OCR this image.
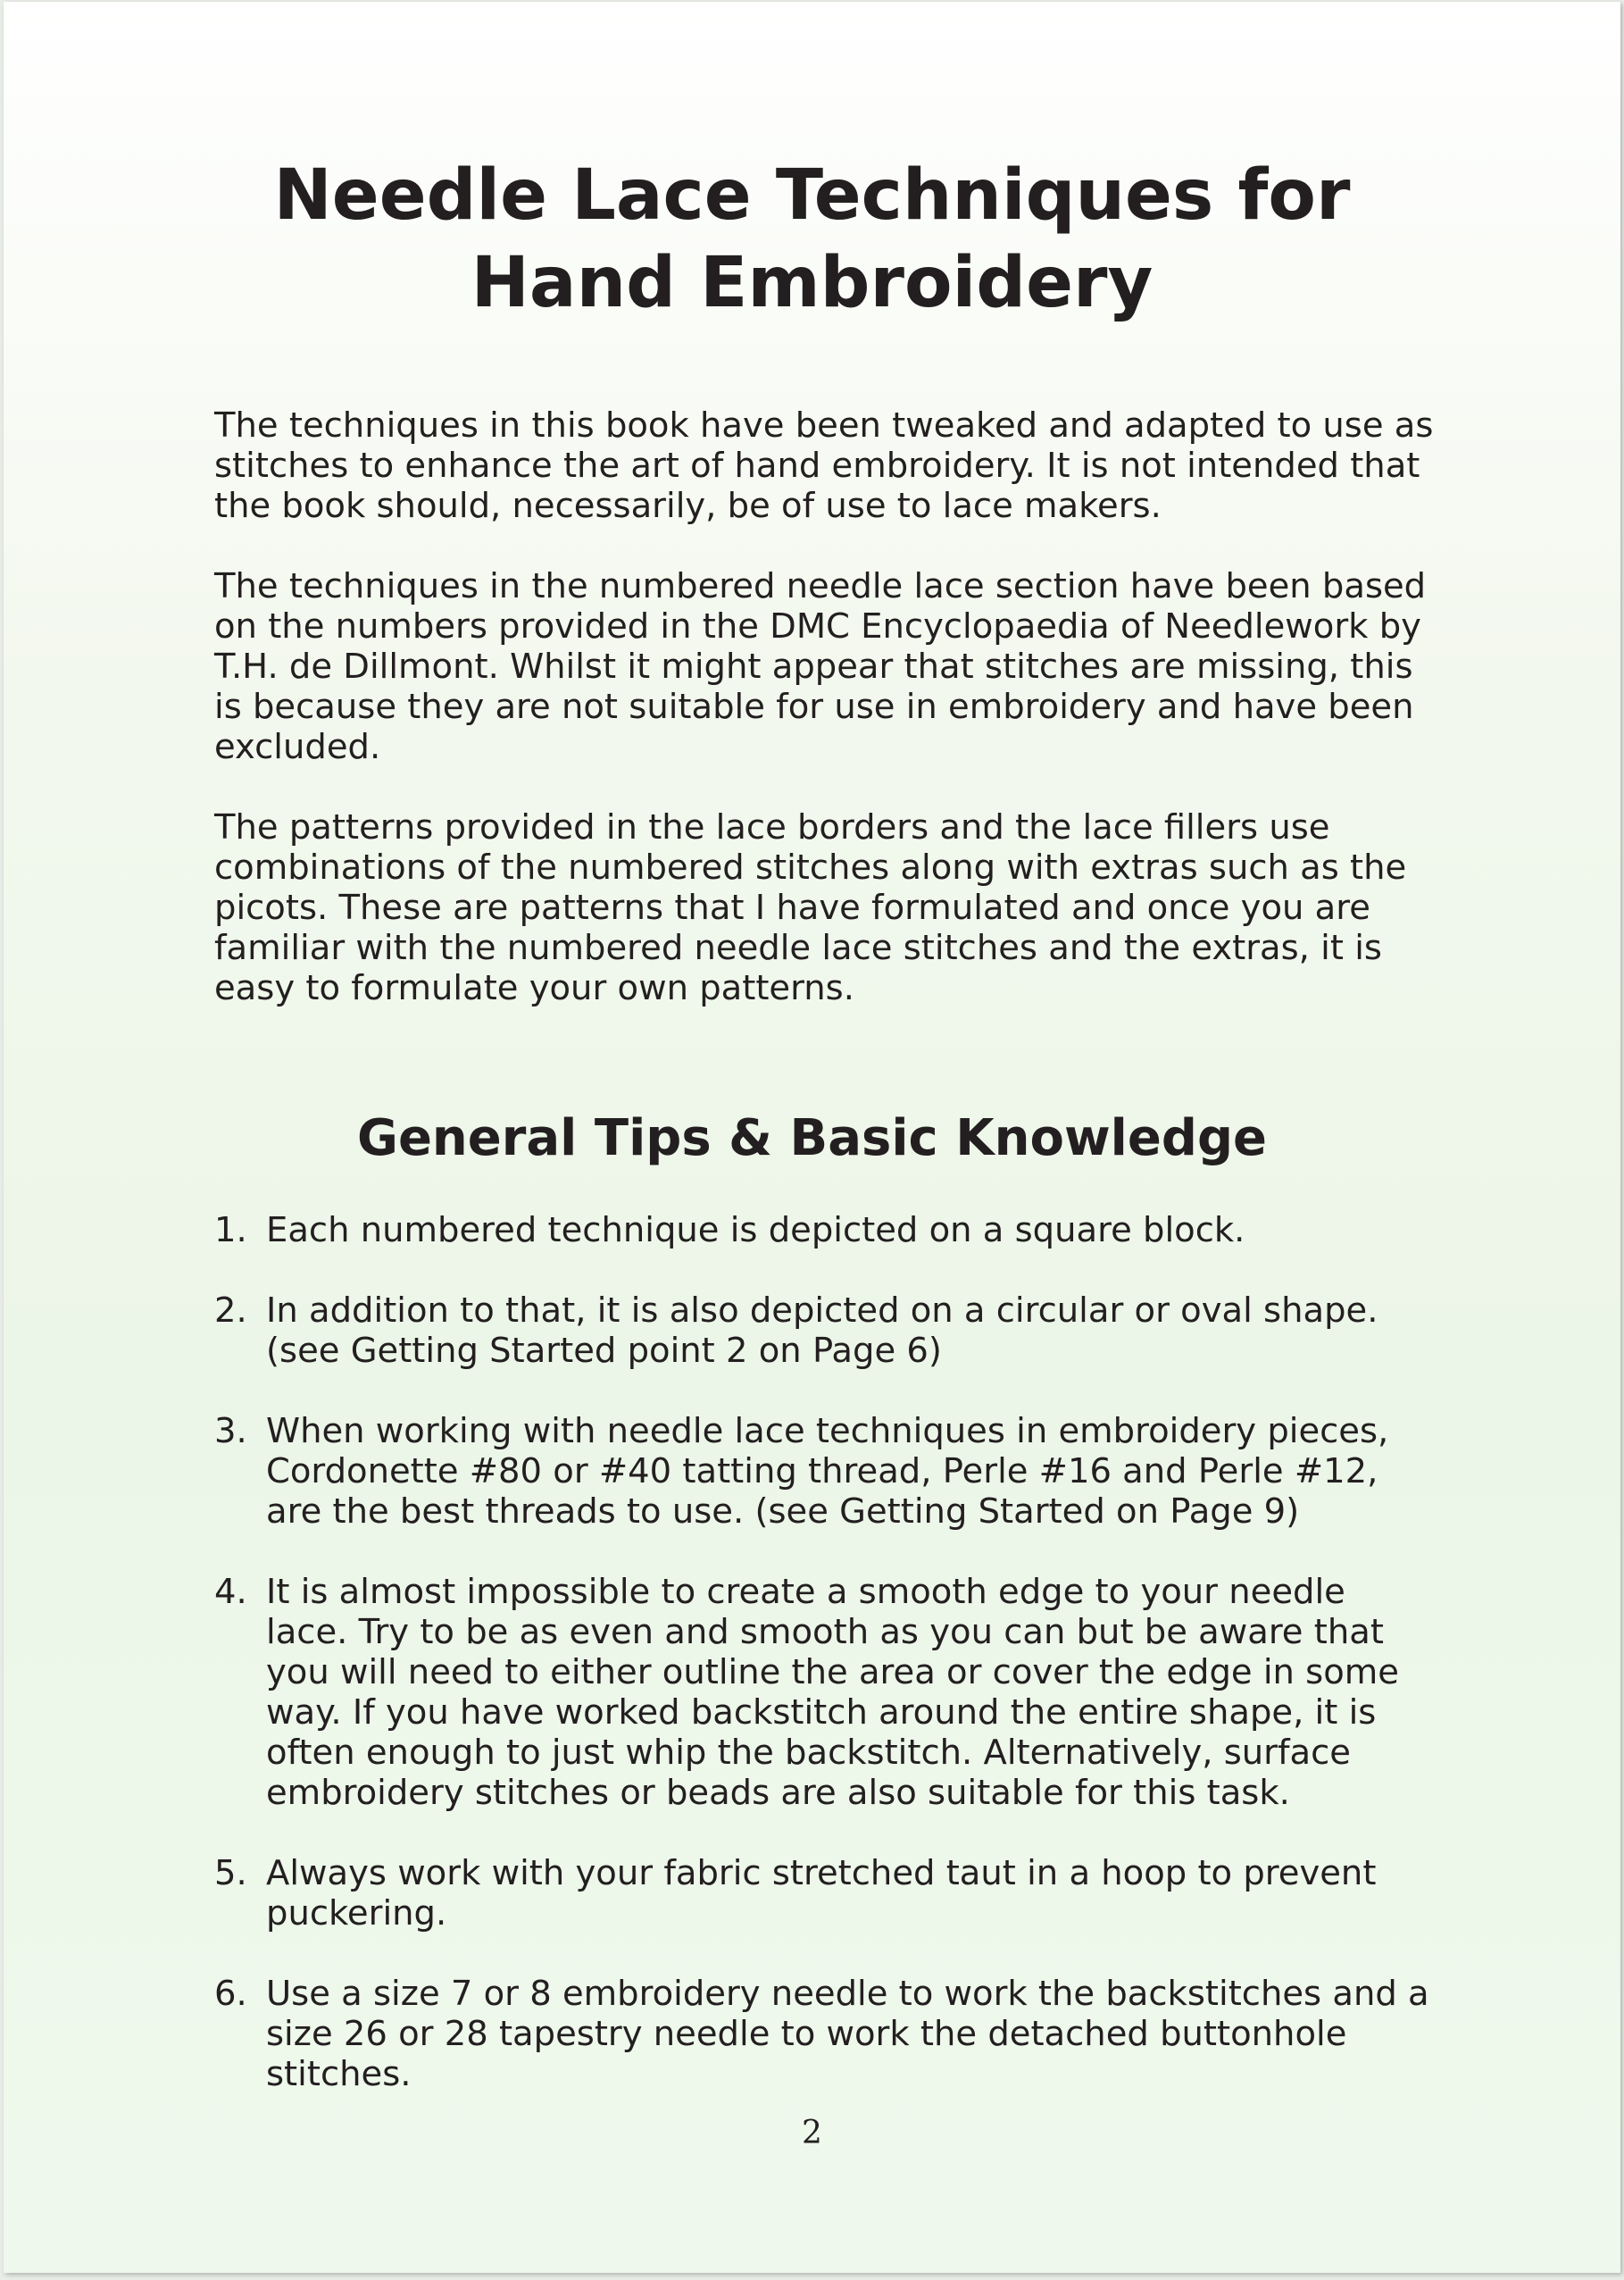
Needle Lace Techniques for
Hand Embroidery

The techniques in this book have been tweaked and adapted to use as
stitches to enhance the art of hand embroidery. It is not intended that
the book should, necessarily, be of use to lace makers.

The techniques in the numbered needle lace section have been based
on the numbers provided in the DMC Encyclopaedia of Needlework by
T.H. de Dillmont. Whilst it might appear that stitches are missing, this
is because they are not suitable for use in embroidery and have been
excluded.

The patterns provided in the lace borders and the lace fillers use
combinations of the numbered stitches along with extras such as the
picots. These are patterns that I have formulated and once you are
familiar with the numbered needle lace stitches and the extras, it is
easy to formulate your own patterns.

General Tips & Basic Knowledge
1. Each numbered technique is depicted on a square block.
2. In addition to that, it is also depicted on a circular or oval shape.
(see Getting Started point 2 on Page 6)
3. When working with needle lace techniques in embroidery pieces,
Cordonette #80 or #40 tatting thread, Perle #16 and Perle #12,
are the best threads to use. (see Getting Started on Page 9)
4. It is almost impossible to create a smooth edge to your needle
lace. Try to be as even and smooth as you can but be aware that
you will need to either outline the area or cover the edge in some
way. If you have worked backstitch around the entire shape, it is
often enough to just whip the backstitch. Alternatively, surface
embroidery stitches or beads are also suitable for this task.
5. Always work with your fabric stretched taut in a hoop to prevent
puckering.
6. Use a size 7 or 8 embroidery needle to work the backstitches and a
size 26 or 28 tapestry needle to work the detached buttonhole
stitches.
2
